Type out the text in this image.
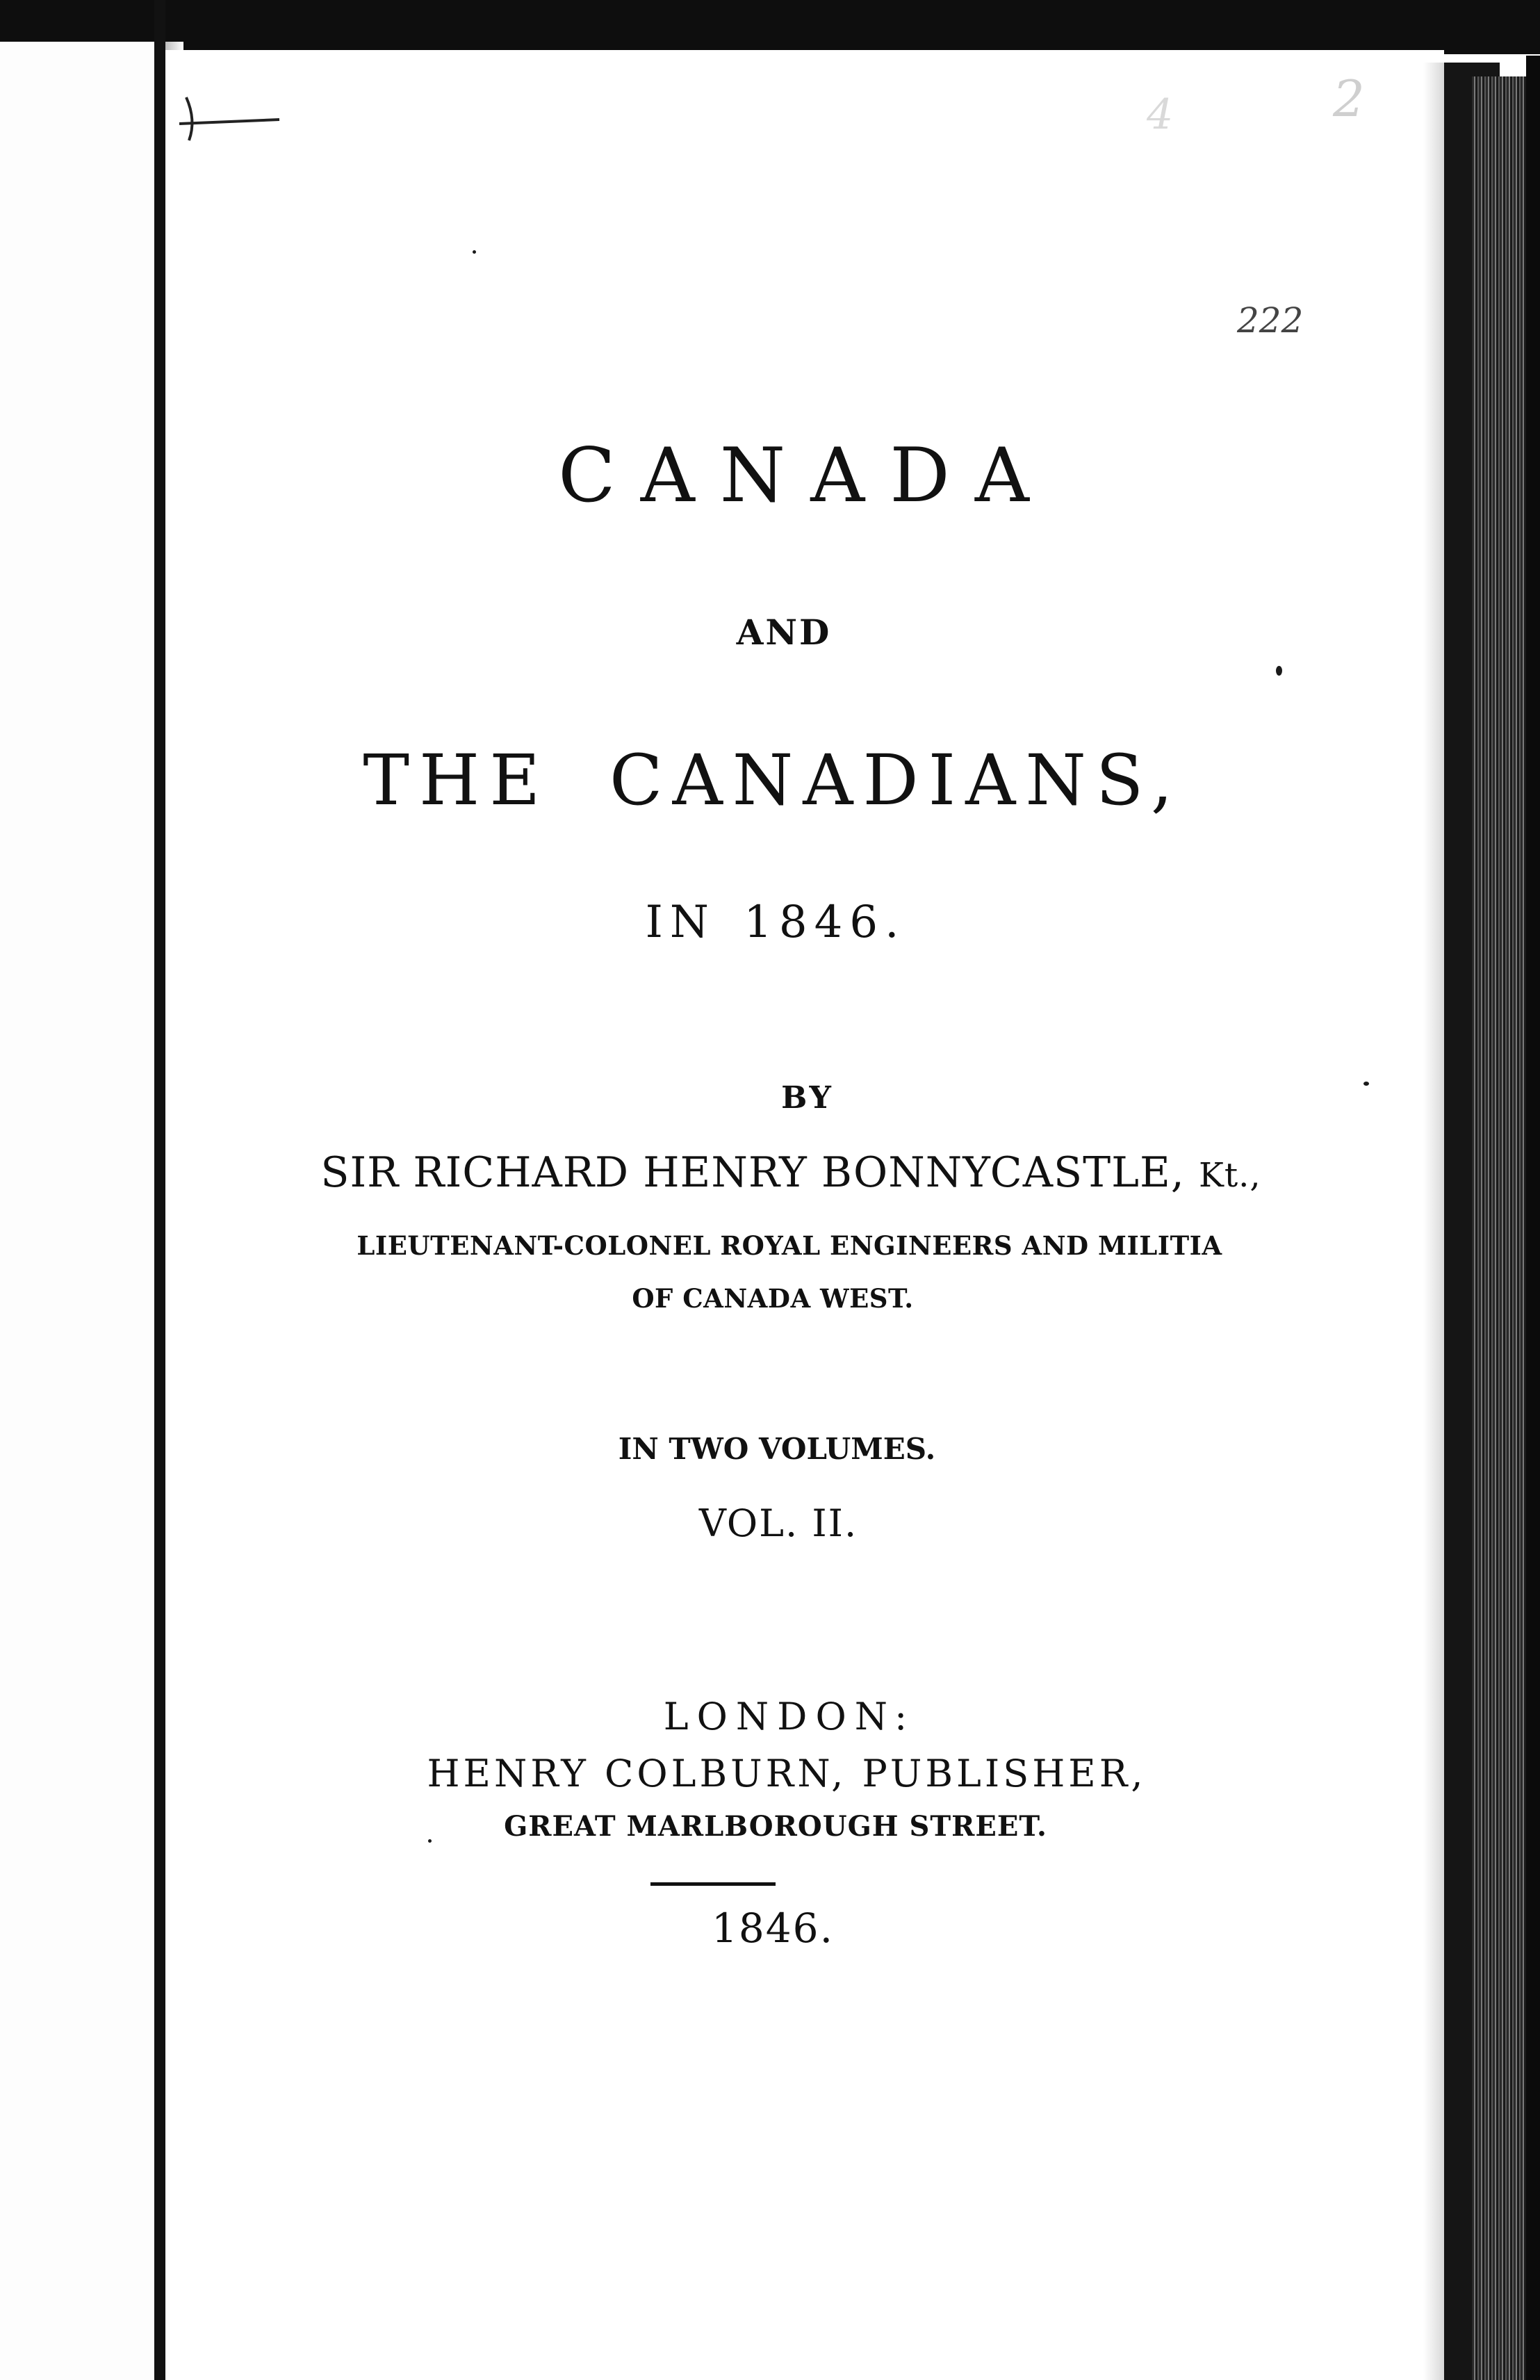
2
4
222

CANADA

AND

THE CANADIANS,

IN 1846.

BY

SIR RICHARD HENRY BONNYCASTLE, Kt.,

LIEUTENANT-COLONEL ROYAL ENGINEERS AND MILITIA

OF CANADA WEST.

IN TWO VOLUMES.

VOL. II.

LONDON:

HENRY COLBURN, PUBLISHER,

GREAT MARLBOROUGH STREET.

1846.
